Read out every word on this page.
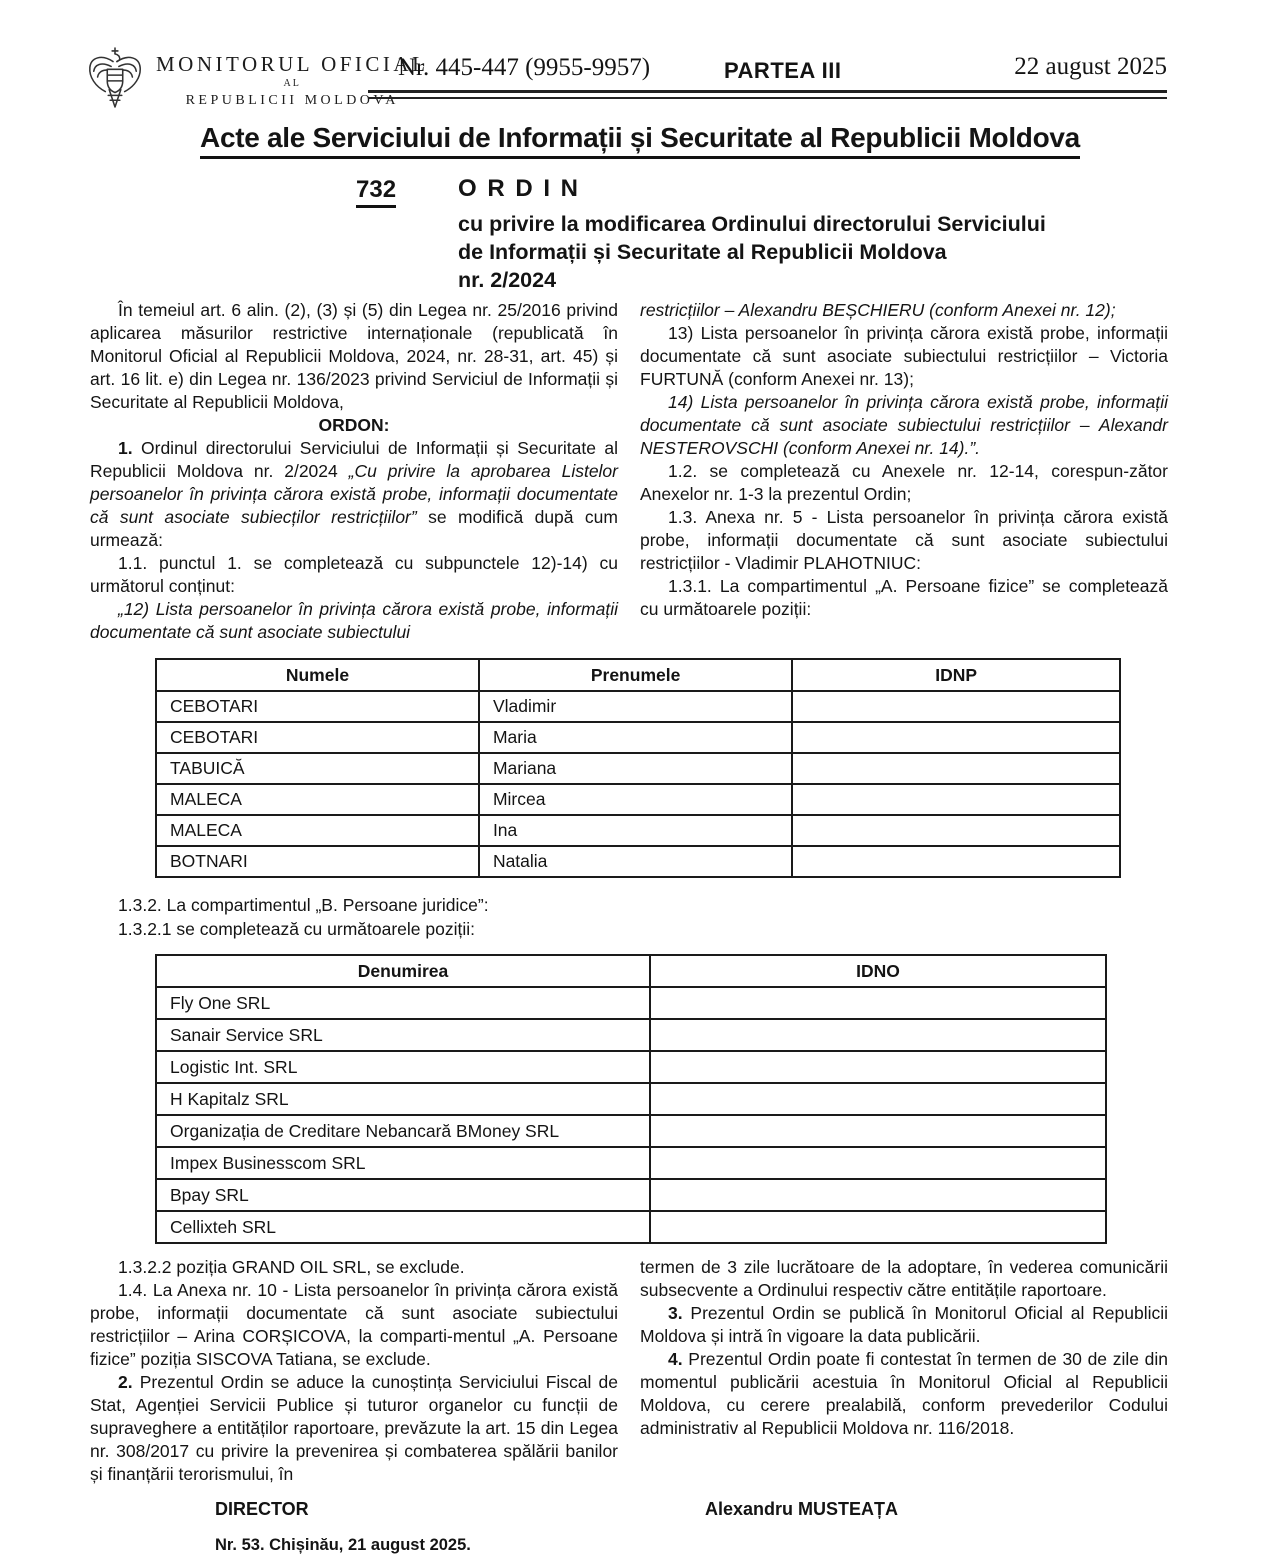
MONITORUL OFICIAL
AL
REPUBLICII MOLDOVA
Nr. 445-447 (9955-9957)	PARTEA III	22 august 2025
Acte ale Serviciului de Informații și Securitate al Republicii Moldova
732	O R D I N
cu privire la modificarea Ordinului directorului Serviciului
de Informații și Securitate al Republicii Moldova
nr. 2/2024

În temeiul art. 6 alin. (2), (3) și (5) din Legea nr. 25/2016 privind aplicarea măsurilor restrictive internaționale (republicată în Monitorul Oficial al Republicii Moldova, 2024, nr. 28-31, art. 45) și art. 16 lit. e) din Legea nr. 136/2023 privind Serviciul de Informații și Securitate al Republicii Moldova,

ORDON:

1. Ordinul directorului Serviciului de Informații și Securitate al Republicii Moldova nr. 2/2024 „Cu privire la aprobarea Listelor persoanelor în privința cărora există probe, informații documentate că sunt asociate subiecților restricțiilor” se modifică după cum urmează:

1.1. punctul 1. se completează cu subpunctele 12)-14) cu următorul conținut:

„12) Lista persoanelor în privința cărora există probe, informații documentate că sunt asociate subiectului

restricțiilor – Alexandru BEȘCHIERU (conform Anexei nr. 12);

13) Lista persoanelor în privința cărora există probe, informații documentate că sunt asociate subiectului restricțiilor – Victoria FURTUNĂ (conform Anexei nr. 13);

14) Lista persoanelor în privința cărora există probe, informații documentate că sunt asociate subiectului restricțiilor – Alexandr NESTEROVSCHI (conform Anexei nr. 14).”.

1.2. se completează cu Anexele nr. 12-14, corespun-zător Anexelor nr. 1-3 la prezentul Ordin;

1.3. Anexa nr. 5 - Lista persoanelor în privința cărora există probe, informații documentate că sunt asociate subiectului restricțiilor - Vladimir PLAHOTNIUC:

1.3.1. La compartimentul „A. Persoane fizice” se completează cu următoarele poziții:

Numele	Prenumele	IDNP
CEBOTARI	Vladimir	
CEBOTARI	Maria	
TABUICĂ	Mariana	
MALECA	Mircea	
MALECA	Ina	
BOTNARI	Natalia	

1.3.2. La compartimentul „B. Persoane juridice”:

1.3.2.1 se completează cu următoarele poziții:

Denumirea	IDNO
Fly One SRL	
Sanair Service SRL	
Logistic Int. SRL	
H Kapitalz SRL	
Organizația de Creditare Nebancară BMoney SRL	
Impex Businesscom SRL	
Bpay SRL	
Cellixteh SRL	

1.3.2.2 poziția GRAND OIL SRL, se exclude.

1.4. La Anexa nr. 10 - Lista persoanelor în privința cărora există probe, informații documentate că sunt asociate subiectului restricțiilor – Arina CORȘICOVA, la comparti-mentul „A. Persoane fizice” poziția SISCOVA Tatiana, se exclude.

2. Prezentul Ordin se aduce la cunoștința Serviciului Fiscal de Stat, Agenției Servicii Publice și tuturor organelor cu funcții de supraveghere a entităților raportoare, prevăzute la art. 15 din Legea nr. 308/2017 cu privire la prevenirea și combaterea spălării banilor și finanțării terorismului, în

termen de 3 zile lucrătoare de la adoptare, în vederea comunicării subsecvente a Ordinului respectiv către entitățile raportoare.

3. Prezentul Ordin se publică în Monitorul Oficial al Republicii Moldova și intră în vigoare la data publicării.

4. Prezentul Ordin poate fi contestat în termen de 30 de zile din momentul publicării acestuia în Monitorul Oficial al Republicii Moldova, cu cerere prealabilă, conform prevederilor Codului administrativ al Republicii Moldova nr. 116/2018.

DIRECTOR	Alexandru MUSTEAȚA
Nr. 53. Chișinău, 21 august 2025.
